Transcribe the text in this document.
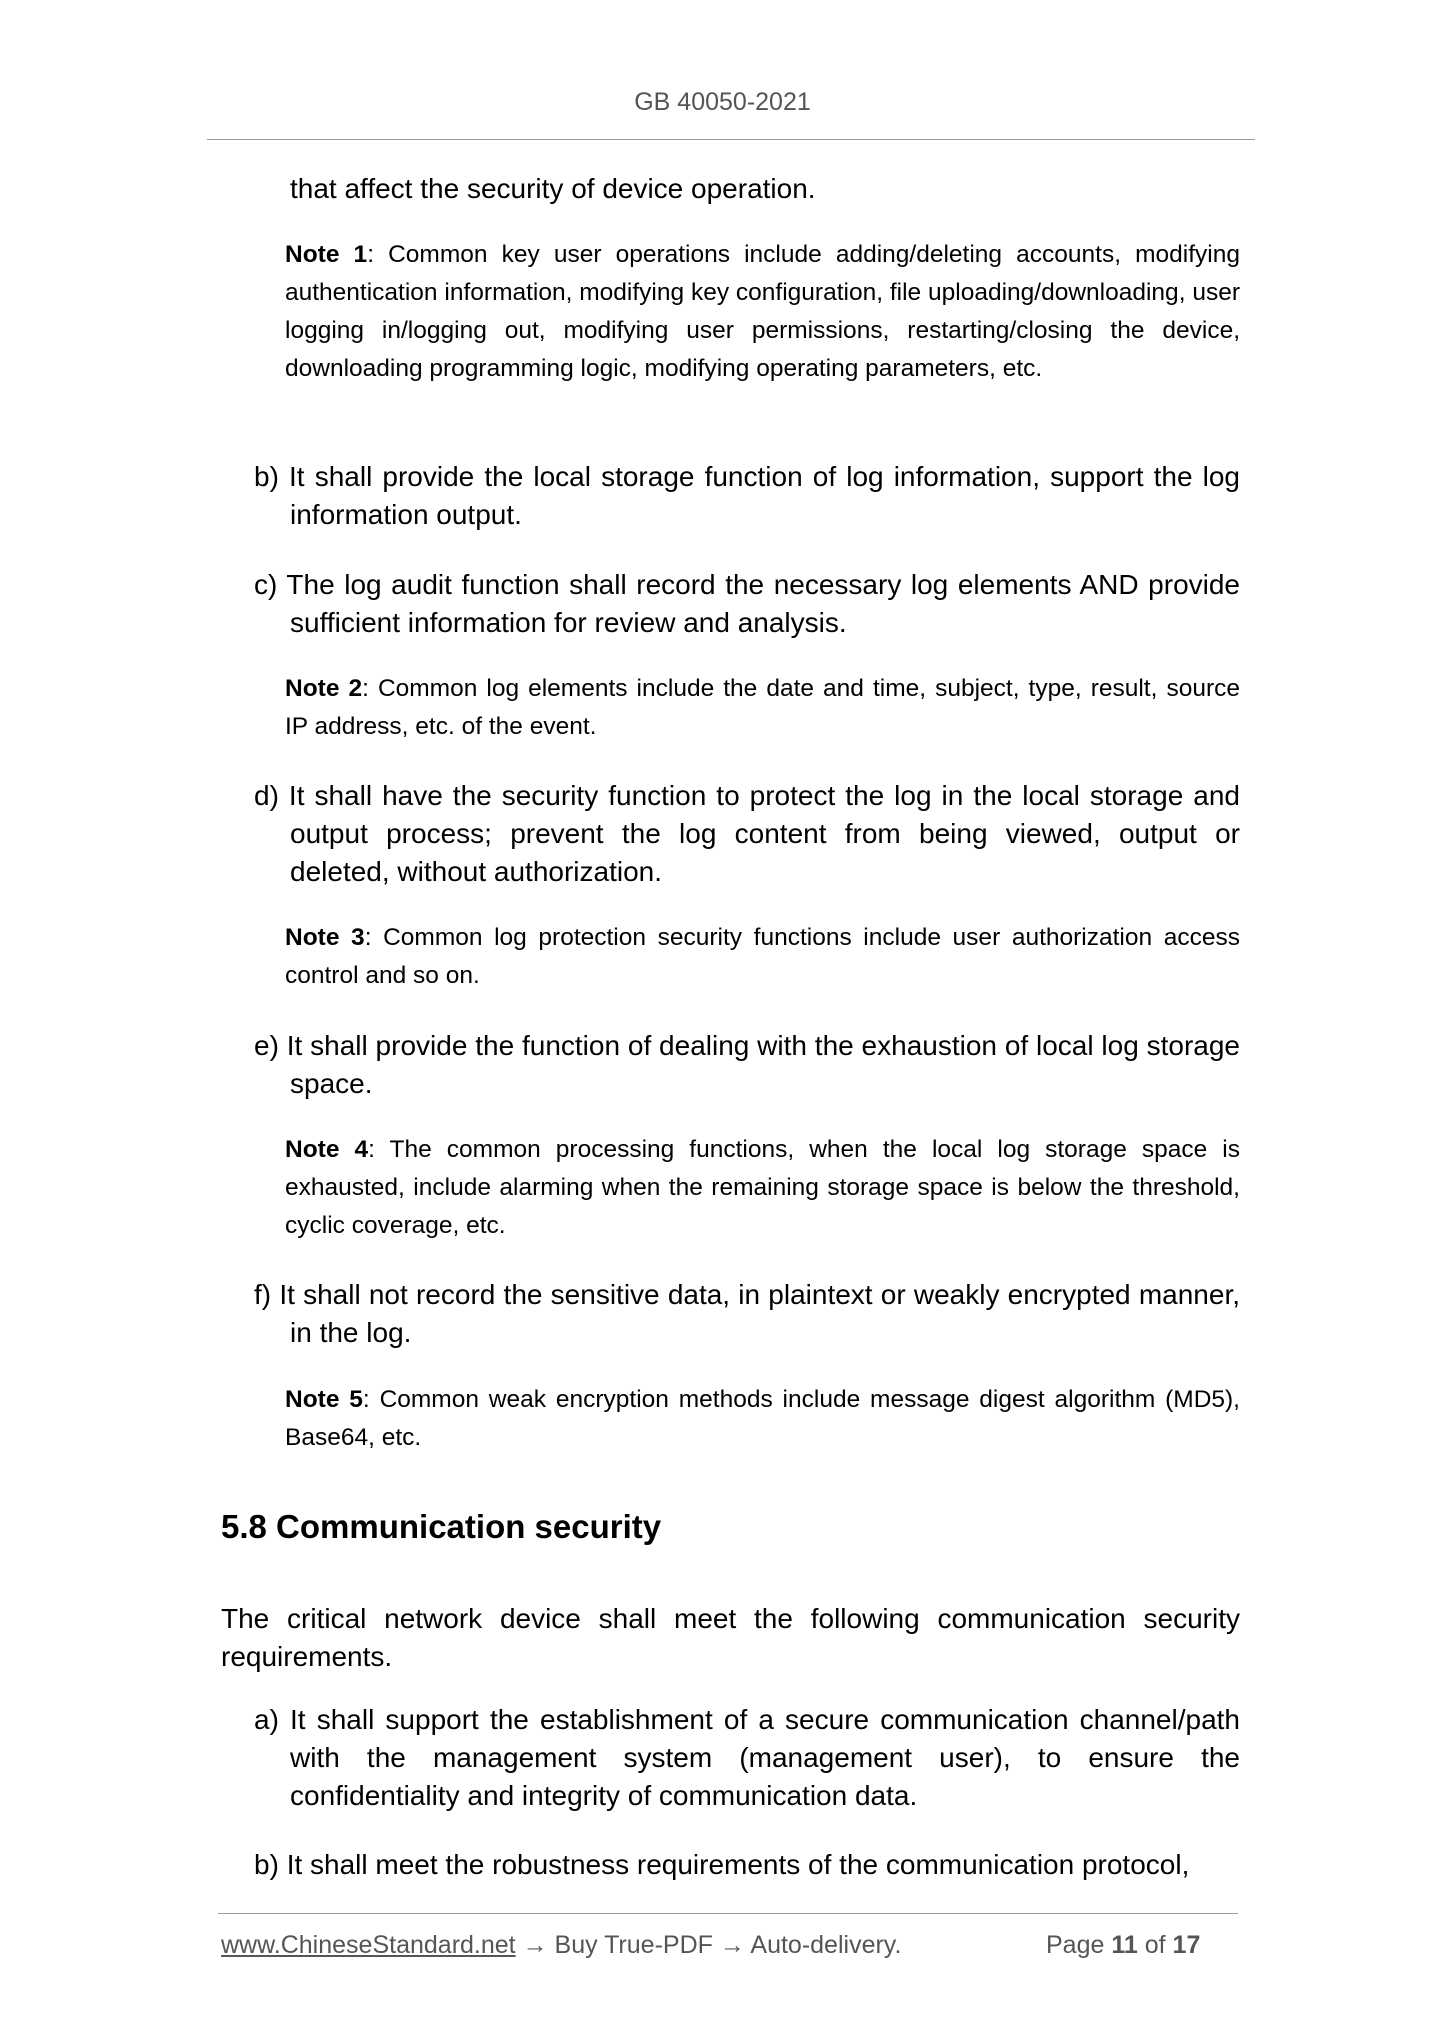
GB 40050-2021
that affect the security of device operation.
Note 1: Common key user operations include adding/deleting accounts, modifying authentication information, modifying key configuration, file uploading/downloading, user logging in/logging out, modifying user permissions, restarting/closing the device, downloading programming logic, modifying operating parameters, etc.
b) It shall provide the local storage function of log information, support the log information output.
c) The log audit function shall record the necessary log elements AND provide sufficient information for review and analysis.
Note 2: Common log elements include the date and time, subject, type, result, source IP address, etc. of the event.
d) It shall have the security function to protect the log in the local storage and output process; prevent the log content from being viewed, output or deleted, without authorization.
Note 3: Common log protection security functions include user authorization access control and so on.
e) It shall provide the function of dealing with the exhaustion of local log storage space.
Note 4: The common processing functions, when the local log storage space is exhausted, include alarming when the remaining storage space is below the threshold, cyclic coverage, etc.
f) It shall not record the sensitive data, in plaintext or weakly encrypted manner, in the log.
Note 5: Common weak encryption methods include message digest algorithm (MD5), Base64, etc.
5.8 Communication security
The critical network device shall meet the following communication security requirements.
a) It shall support the establishment of a secure communication channel/path with the management system (management user), to ensure the confidentiality and integrity of communication data.
b) It shall meet the robustness requirements of the communication protocol,
www.ChineseStandard.net → Buy True-PDF → Auto-delivery.	Page 11 of 17
